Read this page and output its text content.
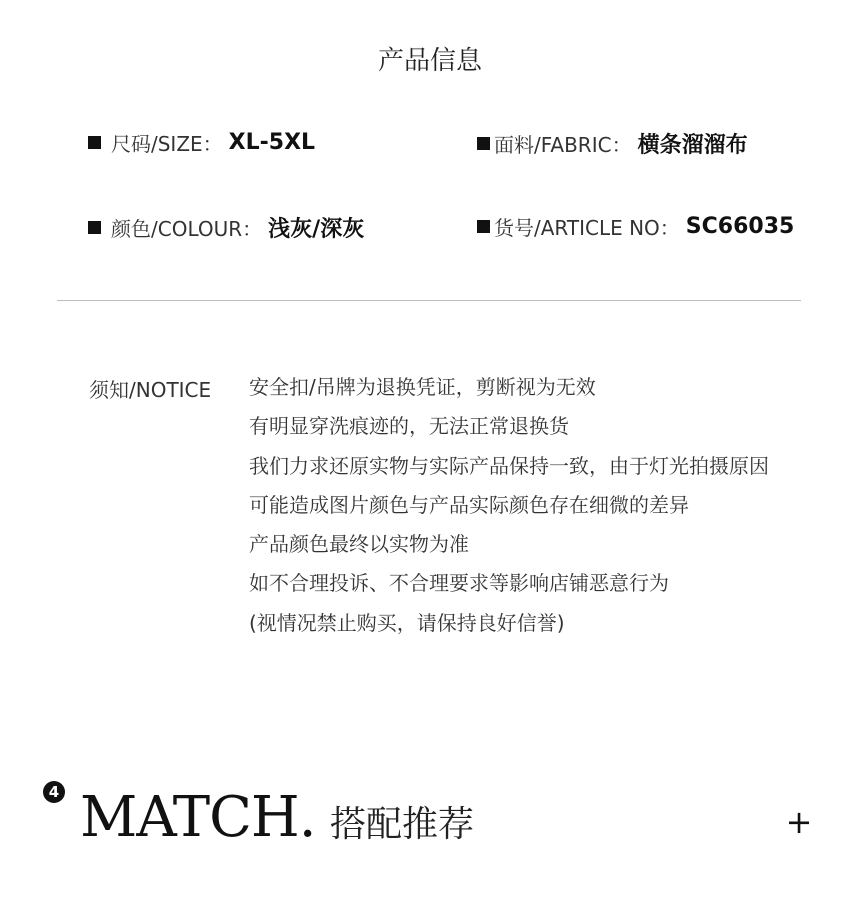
产品信息
尺码/SIZE： XL-5XL	面料/FABRIC： 横条溜溜布
颜色/COLOUR： 浅灰/深灰	货号/ARTICLE NO： SC66035
须知/NOTICE 安全扣/吊牌为退换凭证，剪断视为无效
有明显穿洗痕迹的，无法正常退换货
我们力求还原实物与实际产品保持一致，由于灯光拍摄原因
可能造成图片颜色与产品实际颜色存在细微的差异
产品颜色最终以实物为准
如不合理投诉、不合理要求等影响店铺恶意行为
(视情况禁止购买，请保持良好信誉)
4 MATCH. 搭配推荐	+
